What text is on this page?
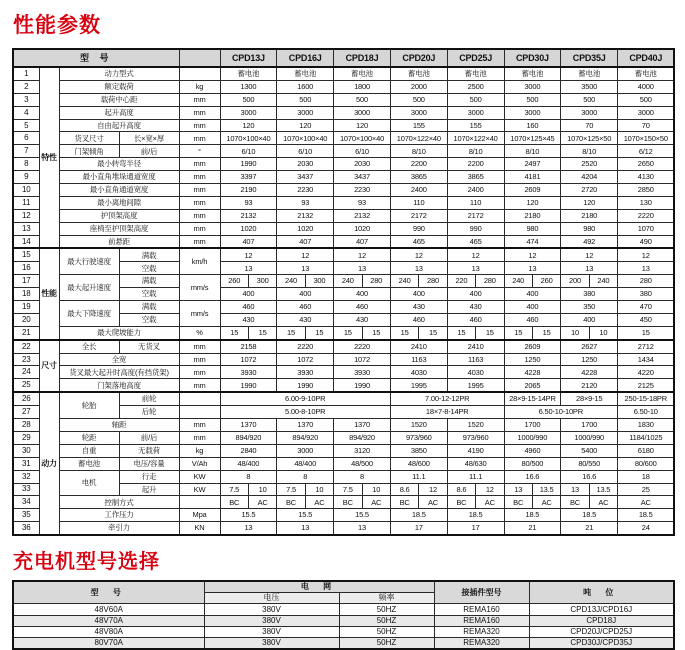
性能参数
型 号					CPD13J		CPD16J		CPD18J		CPD20J		CPD25J		CPD30J		CPD35J		CPD40J
1	特性	动力型式			蓄电池		蓄电池		蓄电池		蓄电池		蓄电池		蓄电池		蓄电池		蓄电池
2		额定载荷		kg	1300		1600		1800		2000		2500		3000		3500		4000
3		载荷中心距		mm	500		500		500		500		500		500		500		500
4		起升高度		mm	3000		3000		3000		3000		3000		3000		3000		3000
5		自由起升高度		mm	120		120		120		155		155		160		70		70
6		货叉尺寸	长×宽×厚	mm	1070×100×40		1070×100×40		1070×100×40		1070×122×40		1070×122×40		1070×125×45		1070×125×50		1070×150×50
7		门架倾角	前/后	°	6/10		6/10		6/10		8/10		8/10		8/10		8/10		6/12
8		最小转弯半径		mm	1990		2030		2030		2200		2200		2497		2520		2650
9		最小直角堆垛通道宽度		mm	3397		3437		3437		3865		3865		4181		4204		4130
10		最小直角通道宽度		mm	2190		2230		2230		2400		2400		2609		2720		2850
11		最小离地间隙		mm	93		93		93		110		110		120		120		130
12		护顶架高度		mm	2132		2132		2132		2172		2172		2180		2180		2220
13		座椅至护顶架高度		mm	1020		1020		1020		990		990		980		980		1070
14		前悬距		mm	407		407		407		465		465		474		492		490
15	性能	最大行驶速度	满载	km/h	12		12		12		12		12		12		12		12
16			空载		13		13		13		13		13		13		13		13
17		最大起升速度	满载	mm/s	260	300	240	300	240	280	240	280	220	280	240	260	200	240	280
18			空载		400		400		400		400		400		400		380		380
19		最大下降速度	满载	mm/s	460		460		460		430		430		400		350		470
20			空载		430		430		430		460		460		460		400		450
21		最大爬坡能力		%	15	15	15	15	15	15	15	15	15	15	15	15	10	10	15
22	尺寸	全长	无货叉	mm	2158		2220		2220		2410		2410		2609		2627		2712
23		全宽		mm	1072		1072		1072		1163		1163		1250		1250		1434
24		货叉最大起升时高度(有挡货架)		mm	3930		3930		3930		4030		4030		4228		4228		4220
25		门架落地高度		mm	1990		1990		1990		1995		1995		2065		2120		2125
26	动力	轮胎	前轮		6.00-9-10PR						7.00-12-12PR				28×9-15-14PR		28×9-15		250-15-18PR
27			后轮		5.00-8-10PR						18×7-8-14PR				6.50-10-10PR				6.50-10
28		轴距		mm	1370		1370		1370		1520		1520		1700		1700		1830
29		轮距	前/后	mm	894/920		894/920		894/920		973/960		973/960		1000/990		1000/990		1184/1025
30		自重	无载荷	kg	2840		3000		3120		3850		4190		4960		5400		6180
31		蓄电池	电压/容量	V/Ah	48/400		48/400		48/500		48/600		48/630		80/500		80/550		80/600
32		电机	行走	KW	8		8		8		11.1		11.1		16.6		16.6		18
33			起升	KW	7.5	10	7.5	10	7.5	10	8.6	12	8.6	12	13	13.5	13	13.5	25
34		控制方式			BC	AC	BC	AC	BC	AC	BC	AC	BC	AC	BC	AC	BC	AC	AC
35		工作压力		Mpa	15.5		15.5		15.5		18.5		18.5		18.5		18.5		18.5
36		牵引力		KN	13		13		13		17		17		21		21		24
充电机型号选择
型 号	电 网		接插件型号	吨 位
	电压	频率		
48V60A	380V	50HZ	REMA160	CPD13J/CPD16J
48V70A	380V	50HZ	REMA160	CPD18J
48V80A	380V	50HZ	REMA320	CPD20J/CPD25J
80V70A	380V	50HZ	REMA320	CPD30J/CPD35J
